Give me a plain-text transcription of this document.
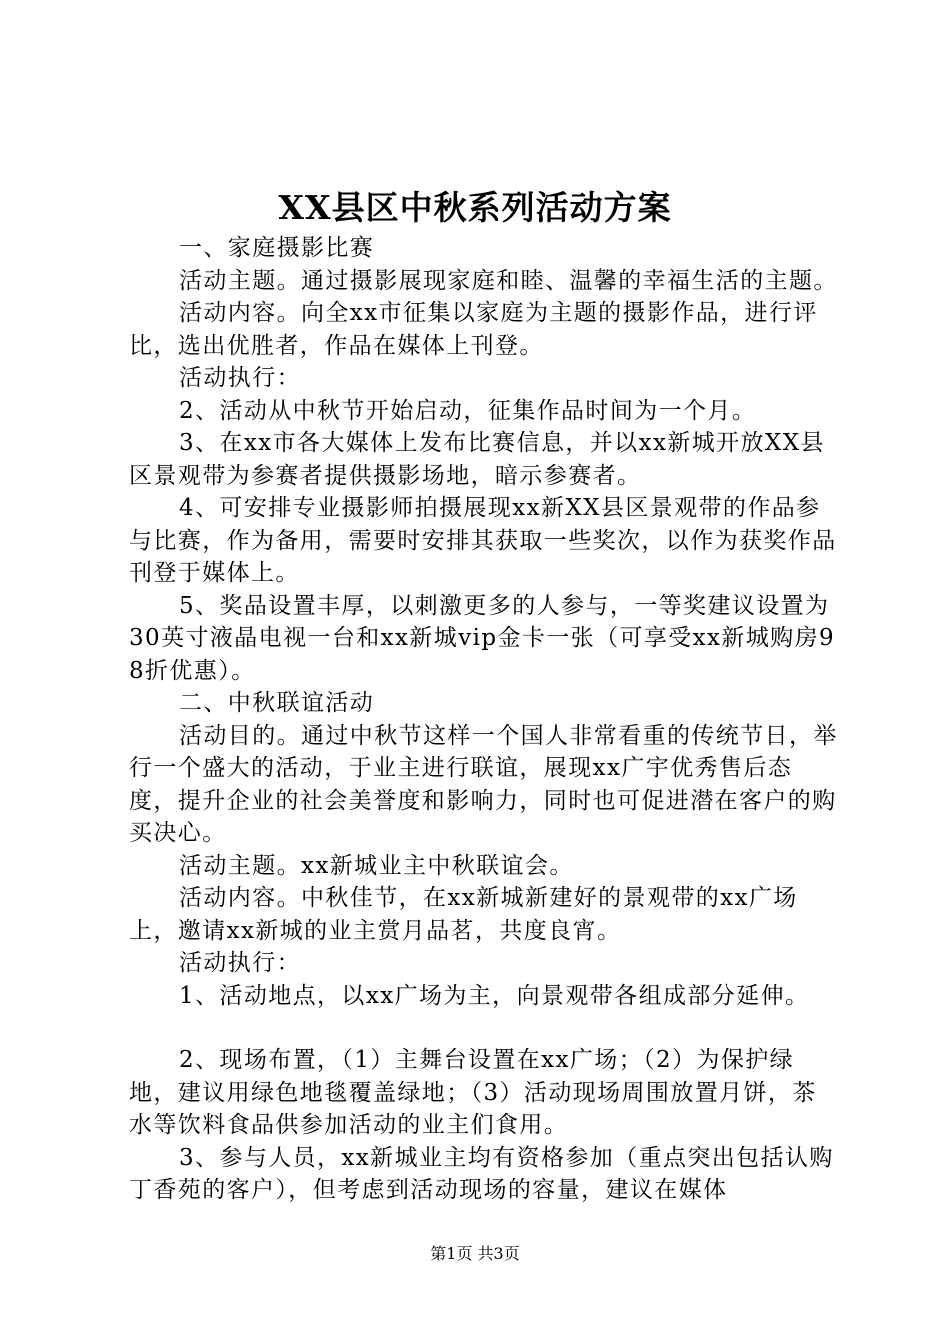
XX县区中秋系列活动方案

一、家庭摄影比赛

活动主题。通过摄影展现家庭和睦、温馨的幸福生活的主题。

活动内容。向全xx市征集以家庭为主题的摄影作品，进行评比，选出优胜者，作品在媒体上刊登。

活动执行：

2、活动从中秋节开始启动，征集作品时间为一个月。

3、在xx市各大媒体上发布比赛信息，并以xx新城开放XX县区景观带为参赛者提供摄影场地，暗示参赛者。

4、可安排专业摄影师拍摄展现xx新XX县区景观带的作品参与比赛，作为备用，需要时安排其获取一些奖次，以作为获奖作品刊登于媒体上。

5、奖品设置丰厚，以刺激更多的人参与，一等奖建议设置为30英寸液晶电视一台和xx新城vip金卡一张（可享受xx新城购房98折优惠）。

二、中秋联谊活动

活动目的。通过中秋节这样一个国人非常看重的传统节日，举行一个盛大的活动，于业主进行联谊，展现xx广宇优秀售后态度，提升企业的社会美誉度和影响力，同时也可促进潜在客户的购买决心。

活动主题。xx新城业主中秋联谊会。

活动内容。中秋佳节，在xx新城新建好的景观带的xx广场上，邀请xx新城的业主赏月品茗，共度良宵。

活动执行：

1、活动地点，以xx广场为主，向景观带各组成部分延伸。

2、现场布置，（1）主舞台设置在xx广场；（2）为保护绿地，建议用绿色地毯覆盖绿地；（3）活动现场周围放置月饼，茶水等饮料食品供参加活动的业主们食用。

3、参与人员，xx新城业主均有资格参加（重点突出包括认购丁香苑的客户），但考虑到活动现场的容量，建议在媒体

第1页 共3页
